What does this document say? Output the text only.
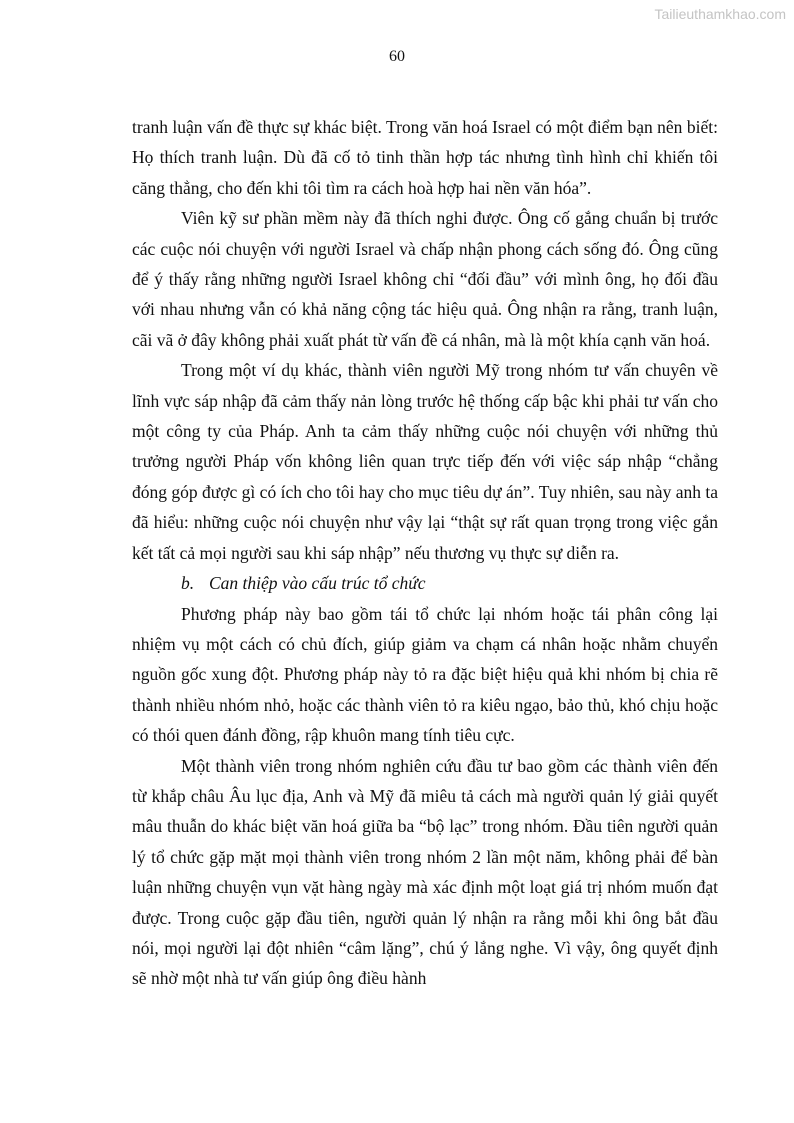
Tailieuthamkhao.com
60

tranh luận vấn đề thực sự khác biệt. Trong văn hoá Israel có một điểm bạn nên biết: Họ thích tranh luận. Dù đã cố tỏ tinh thần hợp tác nhưng tình hình chỉ khiến tôi căng thẳng, cho đến khi tôi tìm ra cách hoà hợp hai nền văn hóa”.

Viên kỹ sư phần mềm này đã thích nghi được. Ông cố gắng chuẩn bị trước các cuộc nói chuyện với người Israel và chấp nhận phong cách sống đó. Ông cũng để ý thấy rằng những người Israel không chỉ “đối đầu” với mình ông, họ đối đầu với nhau nhưng vẫn có khả năng cộng tác hiệu quả. Ông nhận ra rằng, tranh luận, cãi vã ở đây không phải xuất phát từ vấn đề cá nhân, mà là một khía cạnh văn hoá.

Trong một ví dụ khác, thành viên người Mỹ trong nhóm tư vấn chuyên về lĩnh vực sáp nhập đã cảm thấy nản lòng trước hệ thống cấp bậc khi phải tư vấn cho một công ty của Pháp. Anh ta cảm thấy những cuộc nói chuyện với những thủ trưởng người Pháp vốn không liên quan trực tiếp đến với việc sáp nhập “chẳng đóng góp được gì có ích cho tôi hay cho mục tiêu dự án”. Tuy nhiên, sau này anh ta đã hiểu: những cuộc nói chuyện như vậy lại “thật sự rất quan trọng trong việc gắn kết tất cả mọi người sau khi sáp nhập” nếu thương vụ thực sự diễn ra.

b. Can thiệp vào cấu trúc tổ chức

Phương pháp này bao gồm tái tổ chức lại nhóm hoặc tái phân công lại nhiệm vụ một cách có chủ đích, giúp giảm va chạm cá nhân hoặc nhằm chuyển nguồn gốc xung đột. Phương pháp này tỏ ra đặc biệt hiệu quả khi nhóm bị chia rẽ thành nhiều nhóm nhỏ, hoặc các thành viên tỏ ra kiêu ngạo, bảo thủ, khó chịu hoặc có thói quen đánh đồng, rập khuôn mang tính tiêu cực.

Một thành viên trong nhóm nghiên cứu đầu tư bao gồm các thành viên đến từ khắp châu Âu lục địa, Anh và Mỹ đã miêu tả cách mà người quản lý giải quyết mâu thuẫn do khác biệt văn hoá giữa ba “bộ lạc” trong nhóm. Đầu tiên người quản lý tổ chức gặp mặt mọi thành viên trong nhóm 2 lần một năm, không phải để bàn luận những chuyện vụn vặt hàng ngày mà xác định một loạt giá trị nhóm muốn đạt được. Trong cuộc gặp đầu tiên, người quản lý nhận ra rằng mỗi khi ông bắt đầu nói, mọi người lại đột nhiên “câm lặng”, chú ý lắng nghe. Vì vậy, ông quyết định sẽ nhờ một nhà tư vấn giúp ông điều hành
